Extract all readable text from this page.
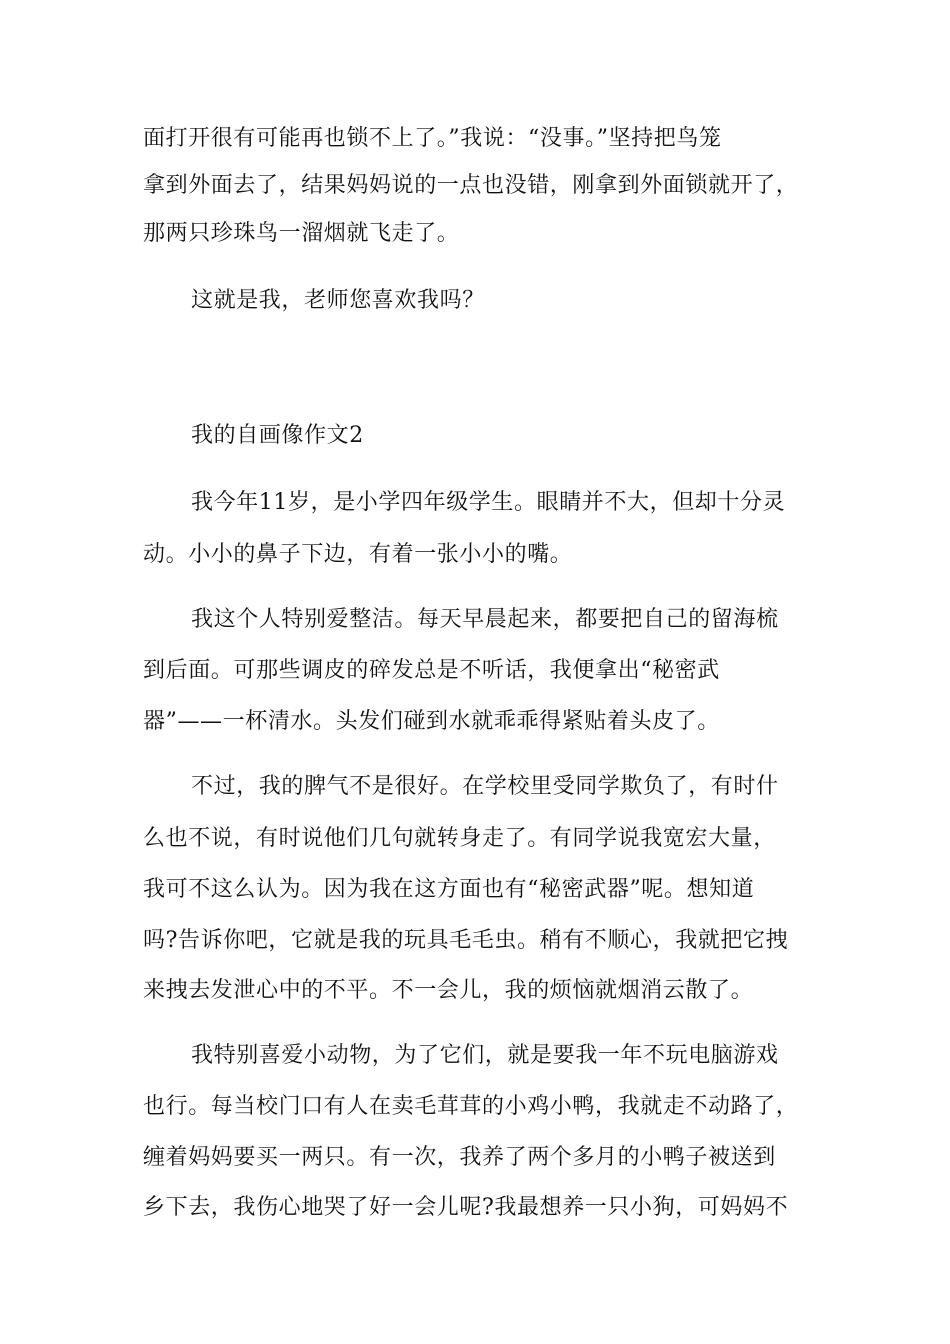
面打开很有可能再也锁不上了。”我说：“没事。”坚持把鸟笼
拿到外面去了，结果妈妈说的一点也没错，刚拿到外面锁就开了，
那两只珍珠鸟一溜烟就飞走了。
这就是我，老师您喜欢我吗？
我的自画像作文2
我今年11岁，是小学四年级学生。眼睛并不大，但却十分灵
动。小小的鼻子下边，有着一张小小的嘴。
我这个人特别爱整洁。每天早晨起来，都要把自己的留海梳
到后面。可那些调皮的碎发总是不听话，我便拿出“秘密武
器”——一杯清水。头发们碰到水就乖乖得紧贴着头皮了。
不过，我的脾气不是很好。在学校里受同学欺负了，有时什
么也不说，有时说他们几句就转身走了。有同学说我宽宏大量，
我可不这么认为。因为我在这方面也有“秘密武器”呢。想知道
吗?告诉你吧，它就是我的玩具毛毛虫。稍有不顺心，我就把它拽
来拽去发泄心中的不平。不一会儿，我的烦恼就烟消云散了。
我特别喜爱小动物，为了它们，就是要我一年不玩电脑游戏
也行。每当校门口有人在卖毛茸茸的小鸡小鸭，我就走不动路了，
缠着妈妈要买一两只。有一次，我养了两个多月的小鸭子被送到
乡下去，我伤心地哭了好一会儿呢?我最想养一只小狗，可妈妈不
